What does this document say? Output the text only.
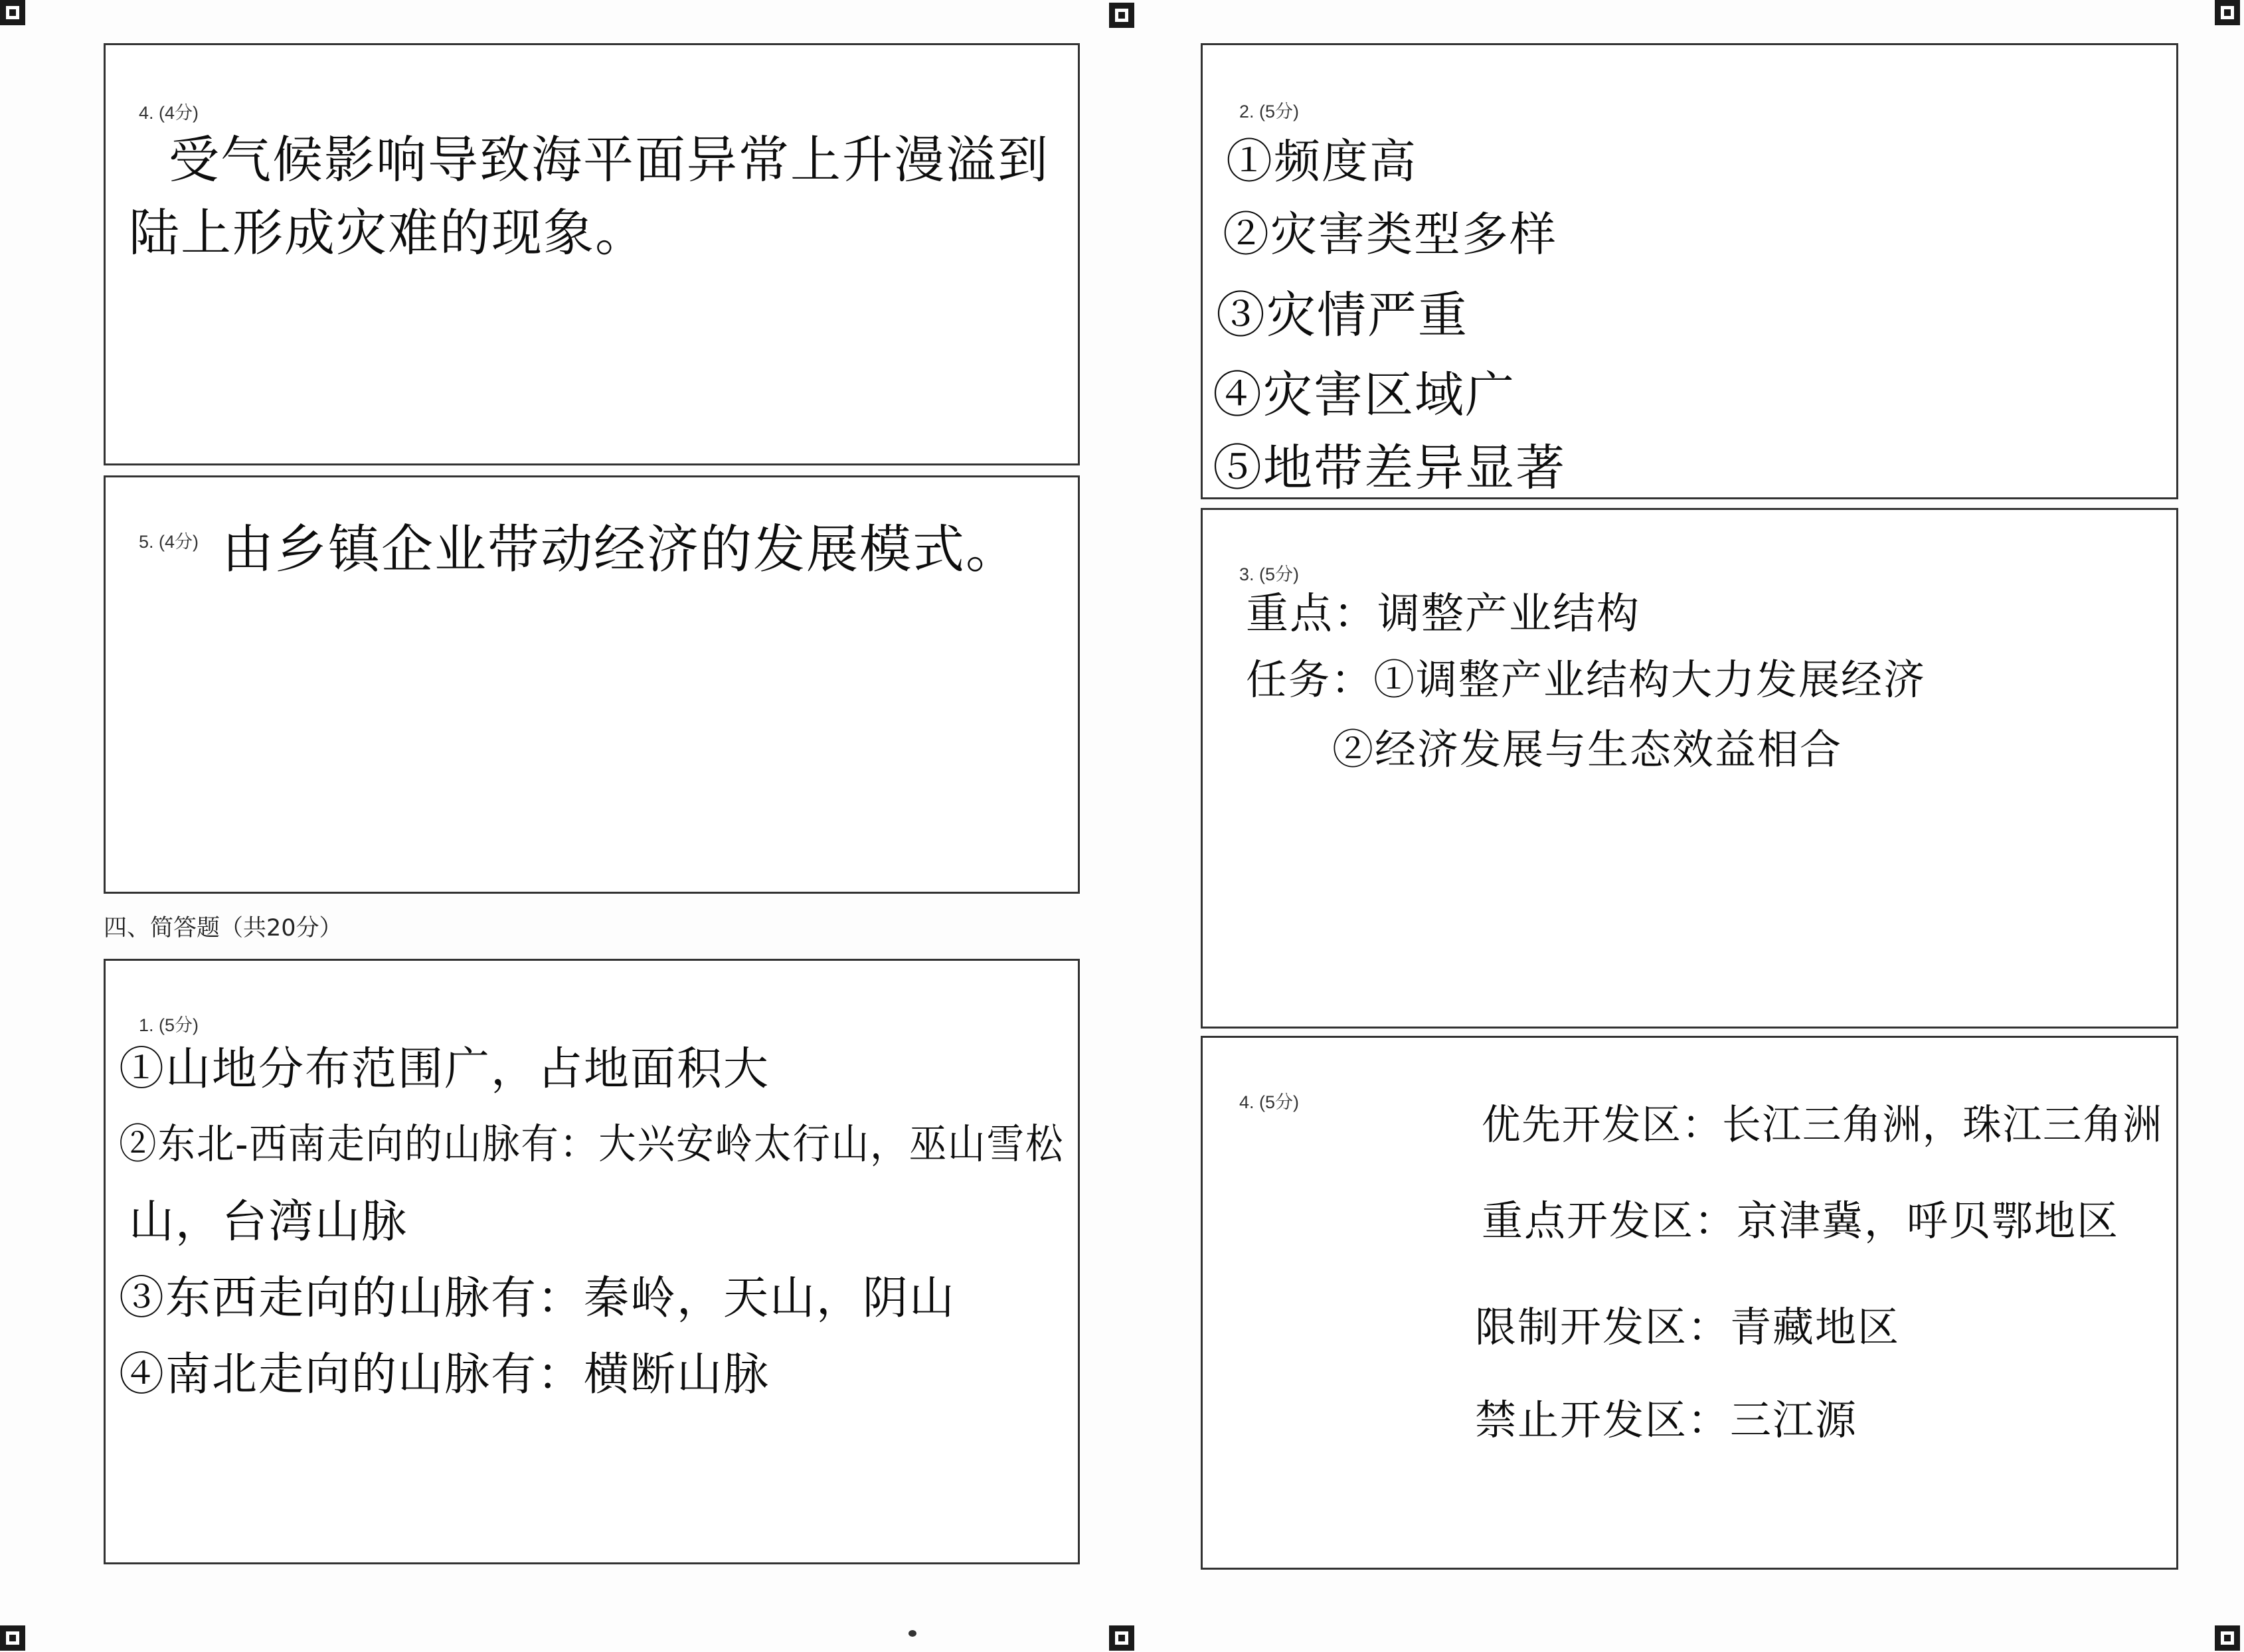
4. (4分)
受气候影响导致海平面异常上升漫溢到
陆上形成灾难的现象。
5. (4分) 由乡镇企业带动经济的发展模式。
四、简答题（共20分）
1. (5分)
①山地分布范围广，占地面积大
②东北-西南走向的山脉有：大兴安岭太行山，巫山雪松
山，台湾山脉
③东西走向的山脉有：秦岭，天山，阴山
④南北走向的山脉有：横断山脉
2. (5分)
①频度高
②灾害类型多样
③灾情严重
④灾害区域广
⑤地带差异显著
3. (5分)
重点：调整产业结构
任务：①调整产业结构大力发展经济
②经济发展与生态效益相合
4. (5分)	优先开发区：长江三角洲，珠江三角洲
重点开发区：京津冀，呼贝鄂地区
限制开发区：青藏地区
禁止开发区：三江源
